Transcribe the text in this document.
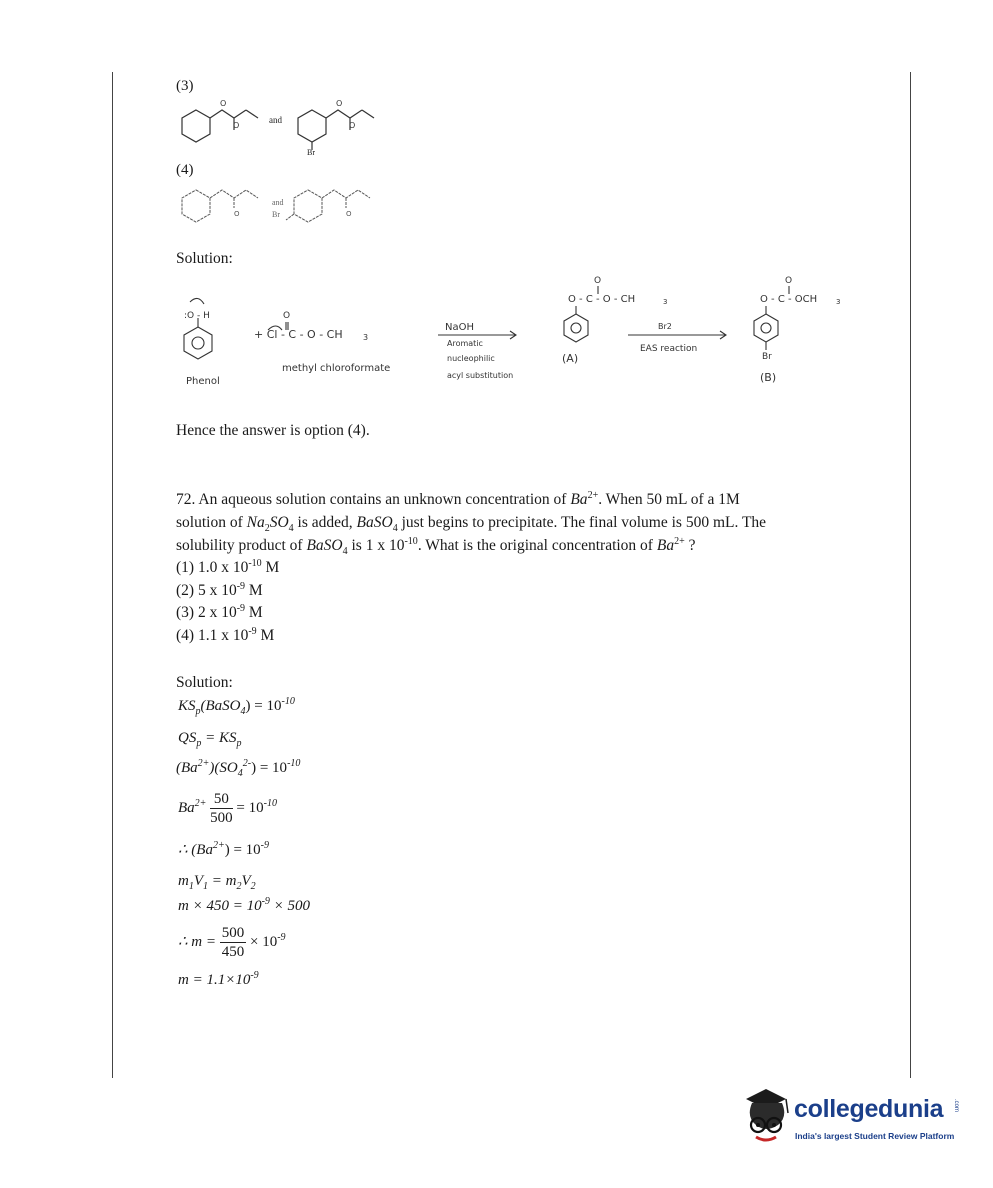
(3)
O
O
O
O
and
Br
(4)
O	O
and
Br
Solution:
:O - H
+ Cl - C - O - CH	3
O
O - C - O - CH	3
O
O - C - OCH	3
O
Phenol
methyl chloroformate
NaOH
Aromatic
nucleophilic
acyl substitution
(A)
Br2
EAS reaction
Br
(B)
Hence the answer is option (4).
72. An aqueous solution contains an unknown concentration of $Ba^{2+}$. When 50 mL of a 1M
solution of $Na_2SO_4$ is added, BaSO$_4$ just begins to precipitate. The final volume is 500 mL. The
solubility product of BaSO$_4$ is 1 x $10^{-10}$. What is the original concentration of $Ba^{2+}$ ?
(1) 1.0 x $10^{-10}$ M
(2) 5 x $10^{-9}$ M
(3) 2 x $10^{-9}$ M
(4) 1.1 x $10^{-9}$ M
Solution:
$KS_p(BaSO_4) = 10^{-10}$
$QS_p = KS_p$
$(Ba^{2+})(SO_4^{2-}) = 10^{-10}$
$Ba^{2+} \frac{50}{500} = 10^{-10}$
∴ $(Ba^{2+}) = 10^{-9}$
$m_1V_1 = m_2V_2$
$m \times 450 = 10^{-9} \times 500$
∴ $m = \frac{500}{450} \times 10^{-9}$
$m = 1.1\times 10^{-9}$
collegedunia .com
India's largest Student Review Platform
